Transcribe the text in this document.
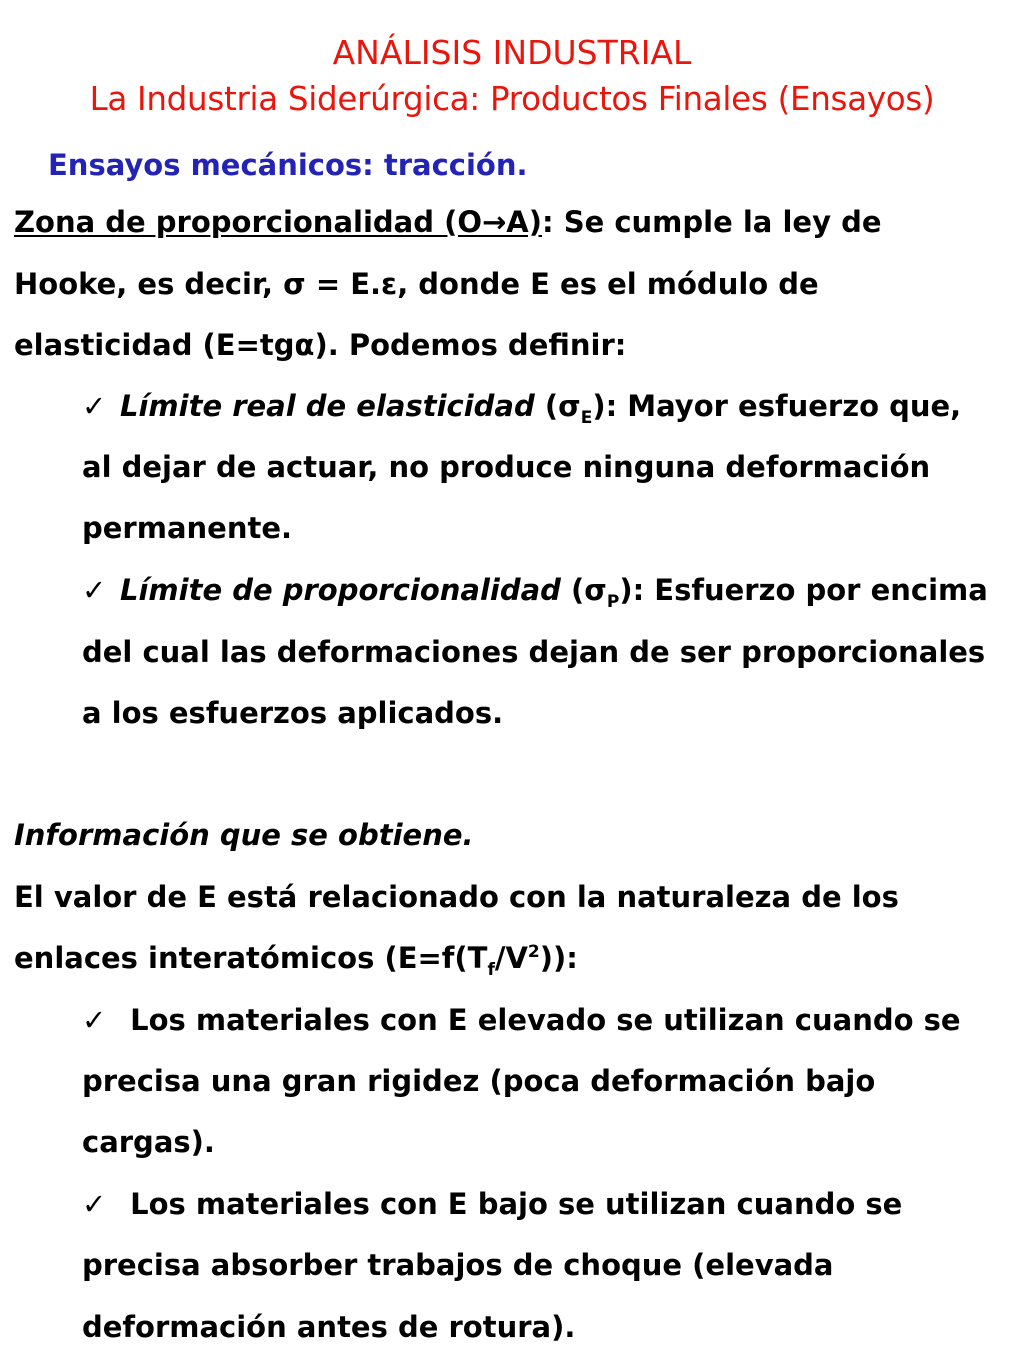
ANÁLISIS INDUSTRIAL
La Industria Siderúrgica: Productos Finales (Ensayos)
Ensayos mecánicos: tracción.
Zona de proporcionalidad (O→A): Se cumple la ley de
Hooke, es decir, σ = E.ε, donde E es el módulo de
elasticidad (E=tgα). Podemos definir:
✓ Límite real de elasticidad $(\sigma_E)$: Mayor esfuerzo que,
al dejar de actuar, no produce ninguna deformación
permanente.
✓ Límite de proporcionalidad $(\sigma_P)$: Esfuerzo por encima
del cual las deformaciones dejan de ser proporcionales
a los esfuerzos aplicados.
Información que se obtiene.
El valor de E está relacionado con la naturaleza de los
enlaces interatómicos $(E=f(T_f/V^2))$:
✓ Los materiales con E elevado se utilizan cuando se
precisa una gran rigidez (poca deformación bajo
cargas).
✓ Los materiales con E bajo se utilizan cuando se
precisa absorber trabajos de choque (elevada
deformación antes de rotura).
